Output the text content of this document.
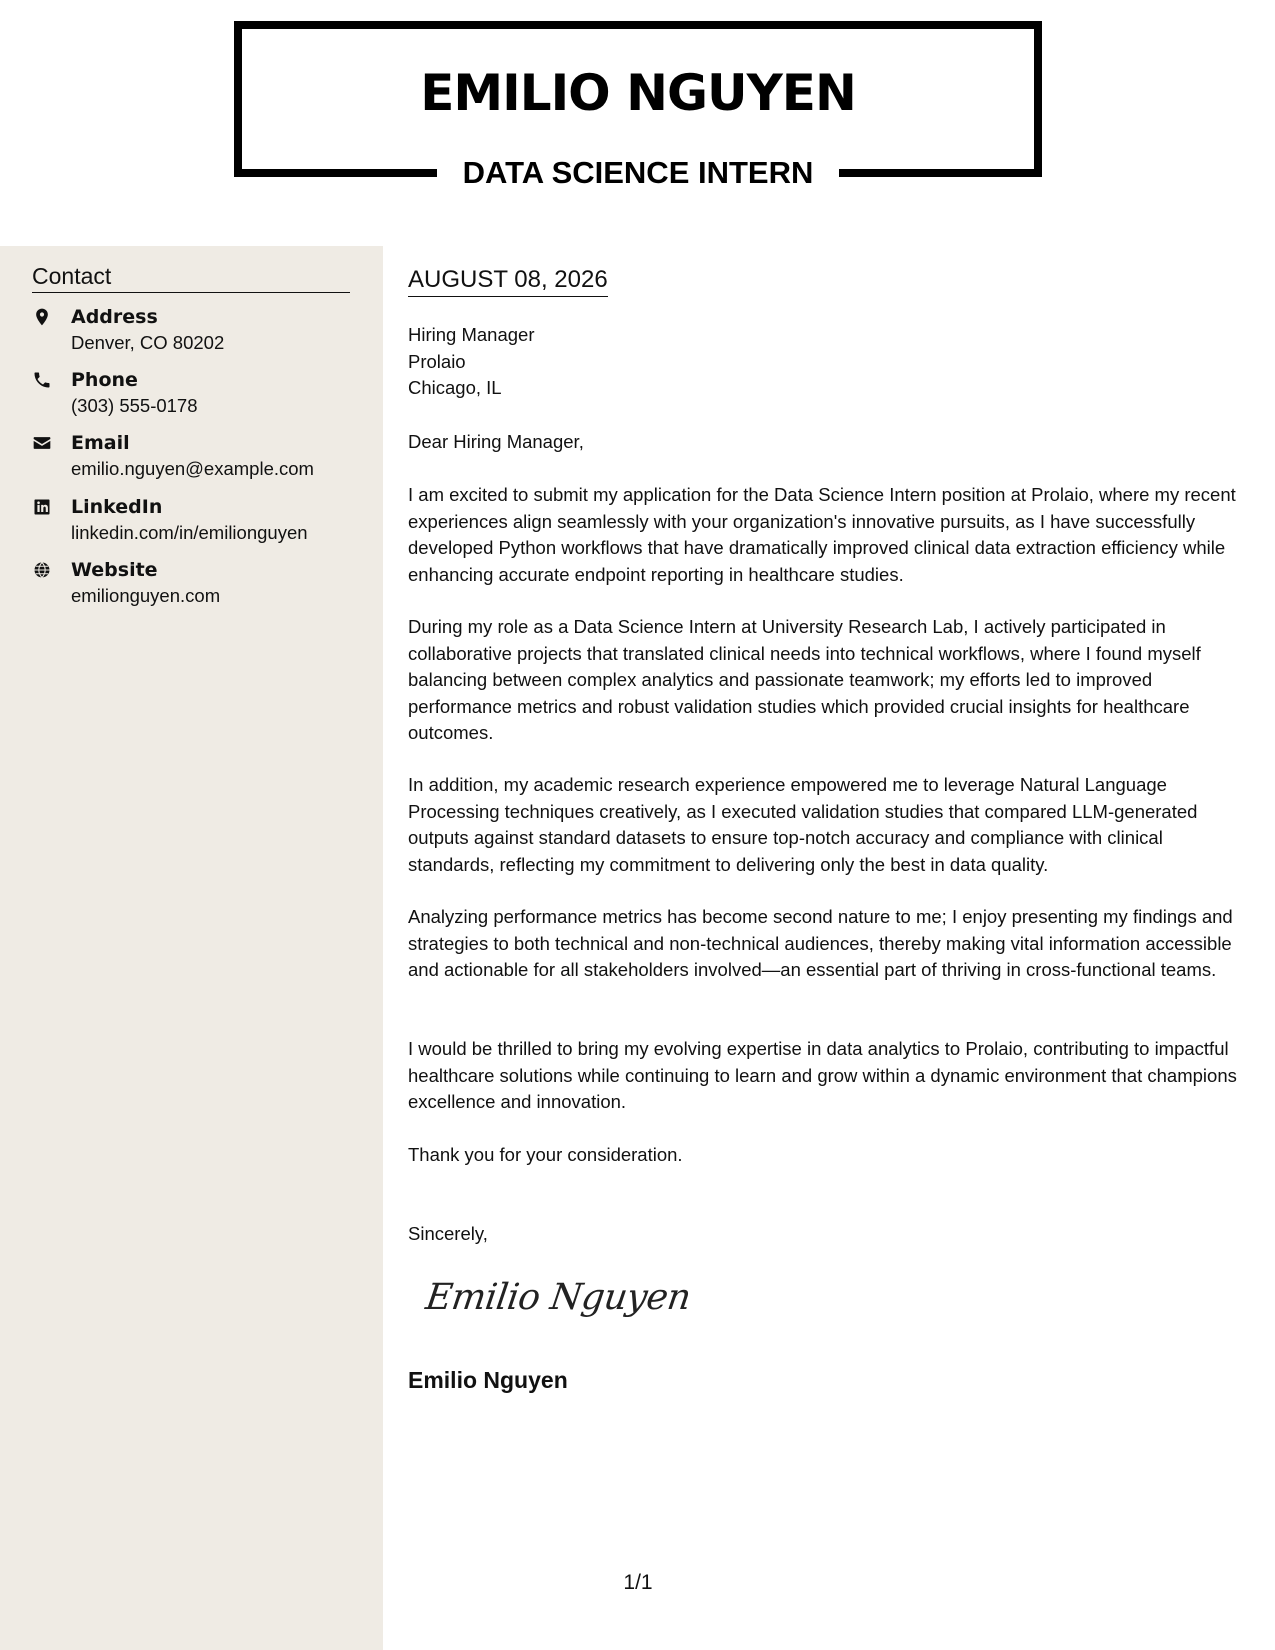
EMILIO NGUYEN
DATA SCIENCE INTERN
Contact
Address
Denver, CO 80202
Phone
(303) 555-0178
Email
emilio.nguyen@example.com
LinkedIn
linkedin.com/in/emilionguyen
Website
emilionguyen.com
AUGUST 08, 2026
Hiring Manager
Prolaio
Chicago, IL

Dear Hiring Manager,

I am excited to submit my application for the Data Science Intern position at Prolaio, where my recent experiences align seamlessly with your organization's innovative pursuits, as I have successfully developed Python workflows that have dramatically improved clinical data extraction efficiency while enhancing accurate endpoint reporting in healthcare studies.

During my role as a Data Science Intern at University Research Lab, I actively participated in collaborative projects that translated clinical needs into technical workflows, where I found myself balancing between complex analytics and passionate teamwork; my efforts led to improved performance metrics and robust validation studies which provided crucial insights for healthcare outcomes.

In addition, my academic research experience empowered me to leverage Natural Language Processing techniques creatively, as I executed validation studies that compared LLM-generated outputs against standard datasets to ensure top-notch accuracy and compliance with clinical standards, reflecting my commitment to delivering only the best in data quality.

Analyzing performance metrics has become second nature to me; I enjoy presenting my findings and strategies to both technical and non-technical audiences, thereby making vital information accessible and actionable for all stakeholders involved—an essential part of thriving in cross-functional teams.

I would be thrilled to bring my evolving expertise in data analytics to Prolaio, contributing to impactful healthcare solutions while continuing to learn and grow within a dynamic environment that champions excellence and innovation.

Thank you for your consideration.

Sincerely,
Emilio Nguyen
Emilio Nguyen
1/1
